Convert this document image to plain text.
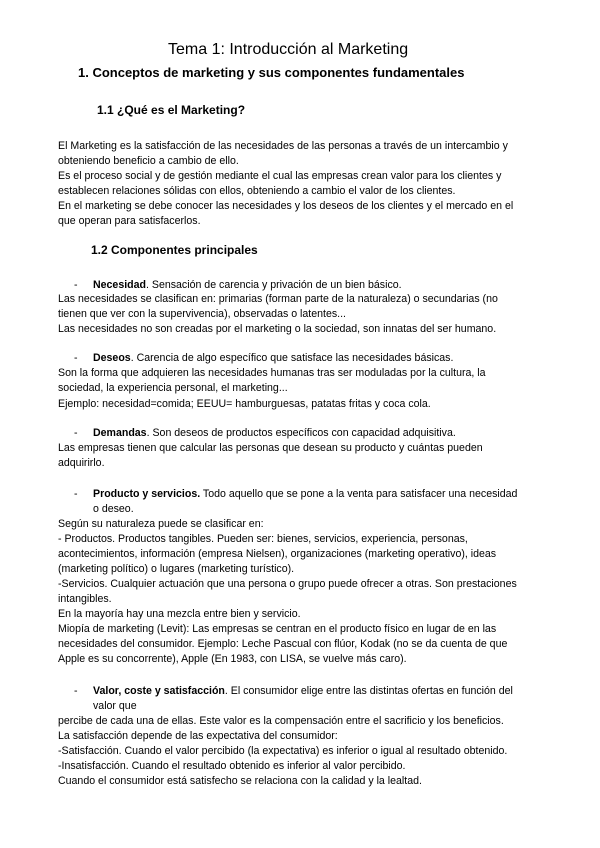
Tema 1: Introducción al Marketing
1. Conceptos de marketing y sus componentes fundamentales
1.1 ¿Qué es el Marketing?
El Marketing es la satisfacción de las necesidades de las personas a través de un intercambio y
obteniendo beneficio a cambio de ello.
Es el proceso social y de gestión mediante el cual las empresas crean valor para los clientes y
establecen relaciones sólidas con ellos, obteniendo a cambio el valor de los clientes.
En el marketing se debe conocer las necesidades y los deseos de los clientes y el mercado en el
que operan para satisfacerlos.
1.2 Componentes principales
- Necesidad. Sensación de carencia y privación de un bien básico.
Las necesidades se clasifican en: primarias (forman parte de la naturaleza) o secundarias (no
tienen que ver con la supervivencia), observadas o latentes...
Las necesidades no son creadas por el marketing o la sociedad, son innatas del ser humano.
- Deseos. Carencia de algo específico que satisface las necesidades básicas.
Son la forma que adquieren las necesidades humanas tras ser moduladas por la cultura, la
sociedad, la experiencia personal, el marketing...
Ejemplo: necesidad=comida; EEUU= hamburguesas, patatas fritas y coca cola.
- Demandas. Son deseos de productos específicos con capacidad adquisitiva.
Las empresas tienen que calcular las personas que desean su producto y cuántas pueden
adquirirlo.
- Producto y servicios. Todo aquello que se pone a la venta para satisfacer una necesidad
o deseo.
Según su naturaleza puede se clasificar en:
- Productos. Productos tangibles. Pueden ser: bienes, servicios, experiencia, personas,
acontecimientos, información (empresa Nielsen), organizaciones (marketing operativo), ideas
(marketing político) o lugares (marketing turístico).
-Servicios. Cualquier actuación que una persona o grupo puede ofrecer a otras. Son prestaciones
intangibles.
En la mayoría hay una mezcla entre bien y servicio.
Miopía de marketing (Levit): Las empresas se centran en el producto físico en lugar de en las
necesidades del consumidor. Ejemplo: Leche Pascual con flúor, Kodak (no se da cuenta de que
Apple es su concorrente), Apple (En 1983, con LISA, se vuelve más caro).
- Valor, coste y satisfacción. El consumidor elige entre las distintas ofertas en función del
valor que
percibe de cada una de ellas. Este valor es la compensación entre el sacrificio y los beneficios.
La satisfacción depende de las expectativa del consumidor:
-Satisfacción. Cuando el valor percibido (la expectativa) es inferior o igual al resultado obtenido.
-Insatisfacción. Cuando el resultado obtenido es inferior al valor percibido.
Cuando el consumidor está satisfecho se relaciona con la calidad y la lealtad.
